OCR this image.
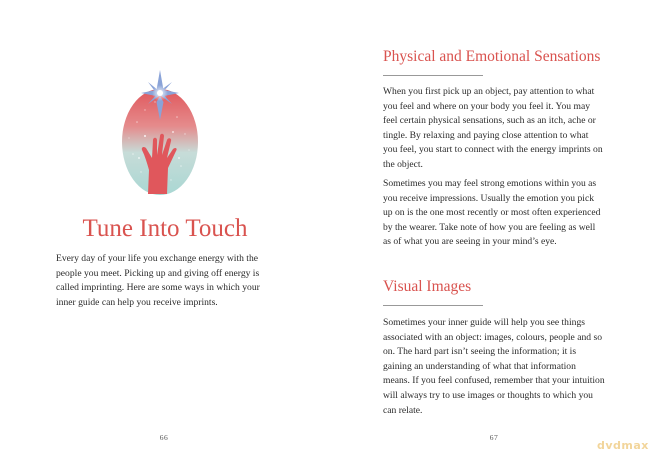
Tune Into Touch

Every day of your life you exchange energy with the people you meet. Picking up and giving off energy is called imprinting. Here are some ways in which your inner guide can help you receive imprints.

66
Physical and Emotional Sensations

When you first pick up an object, pay attention to what you feel and where on your body you feel it. You may feel certain physical sensations, such as an itch, ache or tingle. By relaxing and paying close attention to what you feel, you start to connect with the energy imprints on the object.

Sometimes you may feel strong emotions within you as you receive impressions. Usually the emotion you pick up on is the one most recently or most often experienced by the wearer. Take note of how you are feeling as well as of what you are seeing in your mind’s eye.

Visual Images

Sometimes your inner guide will help you see things associated with an object: images, colours, people and so on. The hard part isn’t seeing the information; it is gaining an understanding of what that information means. If you feel confused, remember that your intuition will always try to use images or thoughts to which you can relate.

67
dvdmax
